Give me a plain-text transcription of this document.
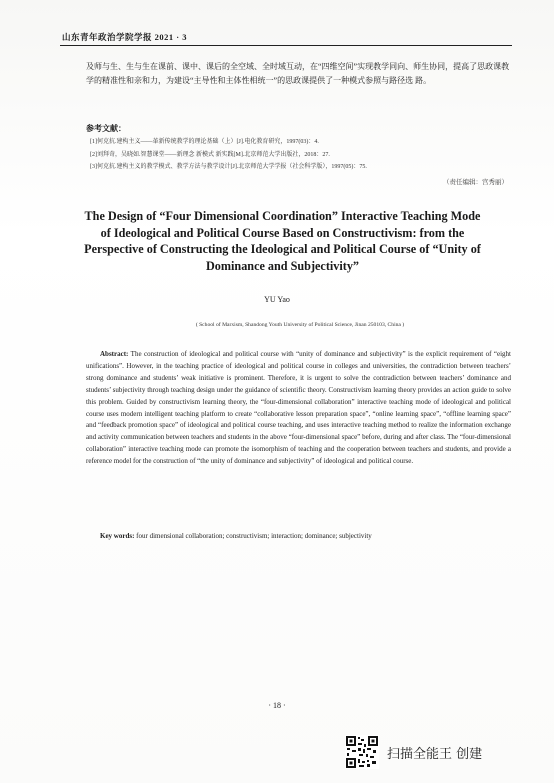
山东青年政治学院学报 2021 · 3
及师与生、生与生在课前、课中、课后的全空域、全时域互动，在“四维空间”实现教学同向、师生协同，提高了思政课教学的精准性和亲和力，为建设“主导性和主体性相统一”的思政课提供了一种模式参照与路径选 路。
参考文献：
[1]何克抗.建构主义——革新传统教学的理论基础（上）[J].电化教育研究，1997(03)：4.
[2]刘拜奇，吴晓如.智慧课堂——新理念 新模式 新实践[M].北京师范大学出版社，2018：27.
[3]何克抗.建构主义的教学模式、教学方法与教学设计[J].北京师范大学学报（社会科学版），1997(05)：75.
（责任编辑：宫秀丽）
The Design of “Four Dimensional Coordination” Interactive Teaching Mode of Ideological and Political Course Based on Constructivism: from the Perspective of Constructing the Ideological and Political Course of “Unity of Dominance and Subjectivity”
YU Yao
( School of Marxism, Shandong Youth University of Political Science, Jinan 250103, China )
Abstract: The construction of ideological and political course with “unity of dominance and subjectivity” is the explicit requirement of “eight unifications”. However, in the teaching practice of ideological and political course in colleges and universities, the contradiction between teachers’ strong dominance and students’ weak initiative is prominent. Therefore, it is urgent to solve the contradiction between teachers’ dominance and students’ subjectivity through teaching design under the guidance of scientific theory. Constructivism learning theory provides an action guide to solve this problem. Guided by constructivism learning theory, the “four-dimensional collaboration” interactive teaching mode of ideological and political course uses modern intelligent teaching platform to create “collaborative lesson preparation space”, “online learning space”, “offline learning space” and “feedback promotion space” of ideological and political course teaching, and uses interactive teaching method to realize the information exchange and activity communication between teachers and students in the above “four-dimensional space” before, during and after class. The “four-dimensional collaboration” interactive teaching mode can promote the isomorphism of teaching and the cooperation between teachers and students, and provide a reference model for the construction of “the unity of dominance and subjectivity” of ideological and political course.
Key words: four dimensional collaboration; constructivism; interaction; dominance; subjectivity
· 18 ·
扫描全能王 创建
